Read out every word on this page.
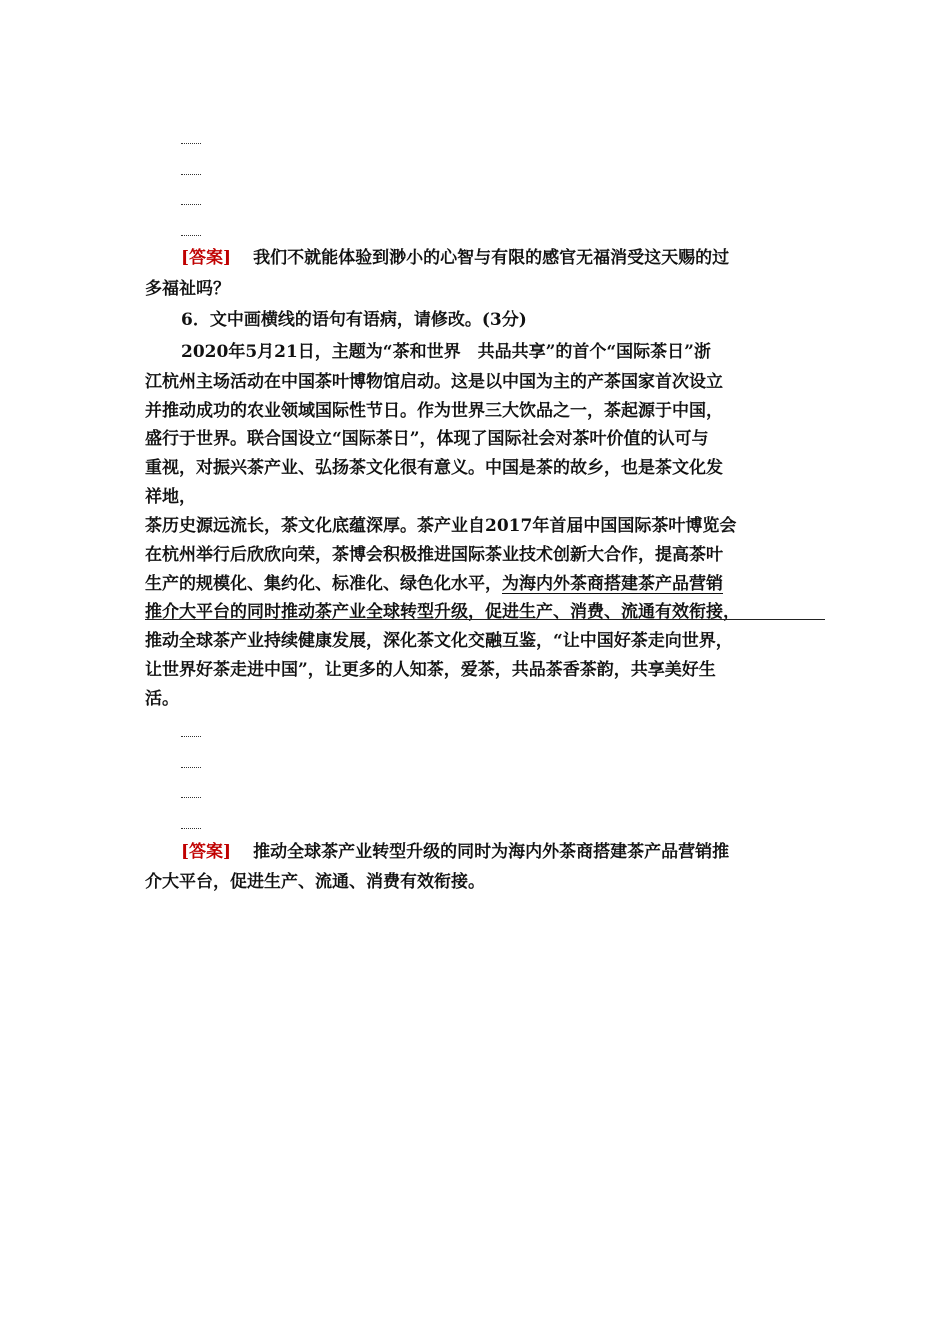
[答案] 我们不就能体验到渺小的心智与有限的感官无福消受这天赐的过
多福祉吗？
6．文中画横线的语句有语病，请修改。(3分)
2020年5月21日，主题为“茶和世界　共品共享”的首个“国际茶日”浙
江杭州主场活动在中国茶叶博物馆启动。这是以中国为主的产茶国家首次设立
并推动成功的农业领域国际性节日。作为世界三大饮品之一，茶起源于中国，
盛行于世界。联合国设立“国际茶日”，体现了国际社会对茶叶价值的认可与
重视，对振兴茶产业、弘扬茶文化很有意义。中国是茶的故乡，也是茶文化发
祥地，
茶历史源远流长，茶文化底蕴深厚。茶产业自2017年首届中国国际茶叶博览会
在杭州举行后欣欣向荣，茶博会积极推进国际茶业技术创新大合作，提高茶叶
生产的规模化、集约化、标准化、绿色化水平，为海内外茶商搭建茶产品营销
推介大平台的同时推动茶产业全球转型升级，促进生产、消费、流通有效衔接，
推动全球茶产业持续健康发展，深化茶文化交融互鉴，“让中国好茶走向世界，
让世界好茶走进中国”，让更多的人知茶，爱茶，共品茶香茶韵，共享美好生
活。
[答案] 推动全球茶产业转型升级的同时为海内外茶商搭建茶产品营销推
介大平台，促进生产、流通、消费有效衔接。
